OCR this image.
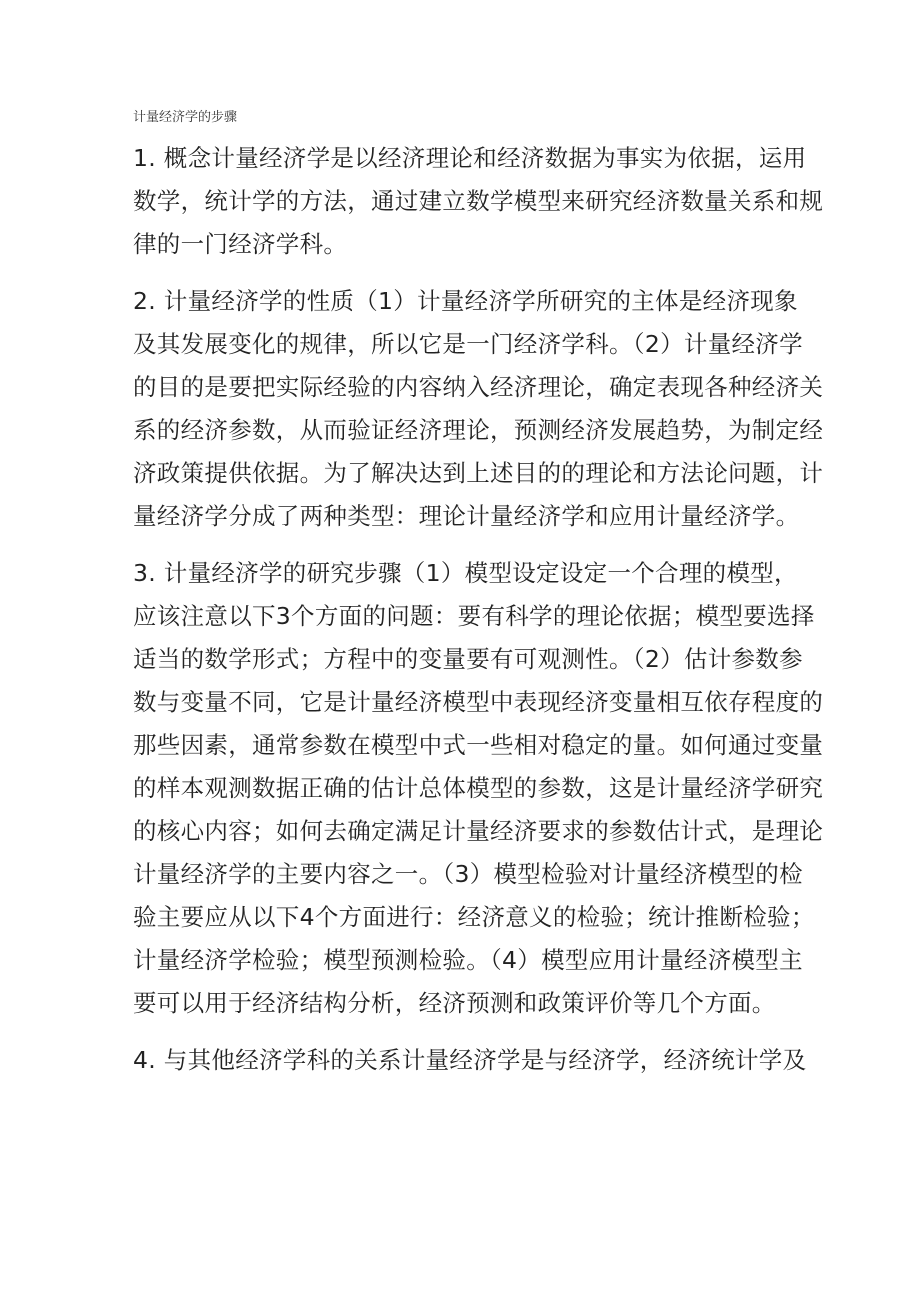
计量经济学的步骤
1. 概念计量经济学是以经济理论和经济数据为事实为依据，运用
数学，统计学的方法，通过建立数学模型来研究经济数量关系和规
律的一门经济学科。
2. 计量经济学的性质（1）计量经济学所研究的主体是经济现象
及其发展变化的规律，所以它是一门经济学科。（2）计量经济学
的目的是要把实际经验的内容纳入经济理论，确定表现各种经济关
系的经济参数，从而验证经济理论，预测经济发展趋势，为制定经
济政策提供依据。为了解决达到上述目的的理论和方法论问题，计
量经济学分成了两种类型：理论计量经济学和应用计量经济学。
3. 计量经济学的研究步骤（1）模型设定设定一个合理的模型，
应该注意以下3个方面的问题：要有科学的理论依据；模型要选择
适当的数学形式；方程中的变量要有可观测性。（2）估计参数参
数与变量不同，它是计量经济模型中表现经济变量相互依存程度的
那些因素，通常参数在模型中式一些相对稳定的量。如何通过变量
的样本观测数据正确的估计总体模型的参数，这是计量经济学研究
的核心内容；如何去确定满足计量经济要求的参数估计式，是理论
计量经济学的主要内容之一。（3）模型检验对计量经济模型的检
验主要应从以下4个方面进行：经济意义的检验；统计推断检验；
计量经济学检验；模型预测检验。（4）模型应用计量经济模型主
要可以用于经济结构分析，经济预测和政策评价等几个方面。
4. 与其他经济学科的关系计量经济学是与经济学，经济统计学及
